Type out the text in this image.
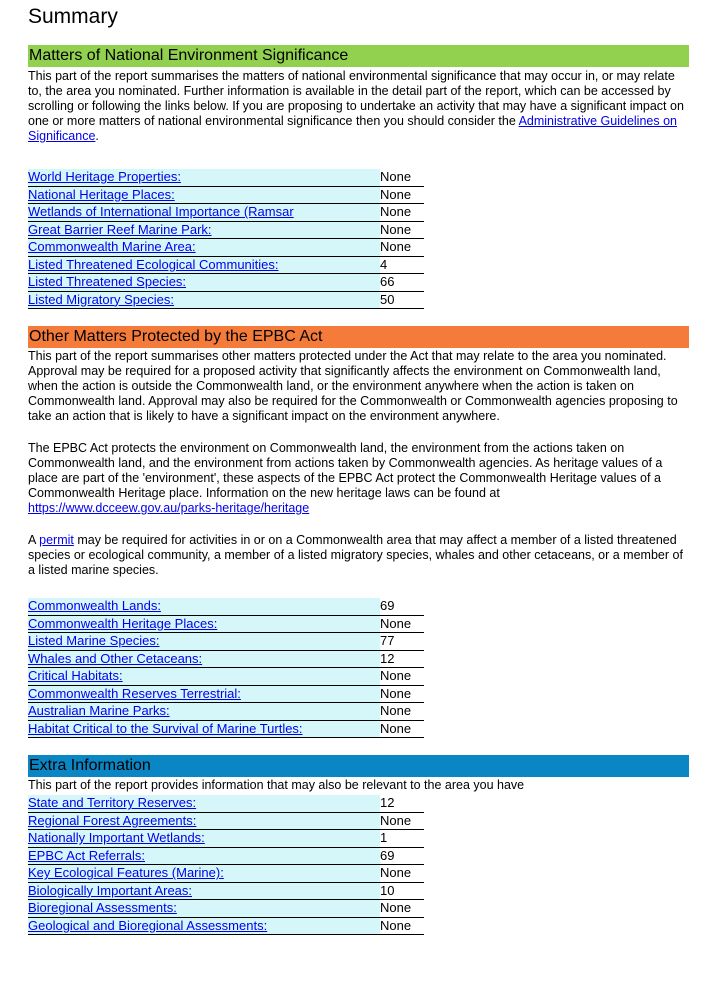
Summary
Matters of National Environment Significance
This part of the report summarises the matters of national environmental significance that may occur in, or may relate to, the area you nominated. Further information is available in the detail part of the report, which can be accessed by scrolling or following the links below. If you are proposing to undertake an activity that may have a significant impact on one or more matters of national environmental significance then you should consider the Administrative Guidelines on Significance.
World Heritage Properties:	None
National Heritage Places:	None
Wetlands of International Importance (Ramsar	None
Great Barrier Reef Marine Park:	None
Commonwealth Marine Area:	None
Listed Threatened Ecological Communities:	4
Listed Threatened Species:	66
Listed Migratory Species:	50
Other Matters Protected by the EPBC Act
This part of the report summarises other matters protected under the Act that may relate to the area you nominated. Approval may be required for a proposed activity that significantly affects the environment on Commonwealth land, when the action is outside the Commonwealth land, or the environment anywhere when the action is taken on Commonwealth land. Approval may also be required for the Commonwealth or Commonwealth agencies proposing to take an action that is likely to have a significant impact on the environment anywhere.
The EPBC Act protects the environment on Commonwealth land, the environment from the actions taken on Commonwealth land, and the environment from actions taken by Commonwealth agencies. As heritage values of a place are part of the 'environment', these aspects of the EPBC Act protect the Commonwealth Heritage values of a Commonwealth Heritage place. Information on the new heritage laws can be found at
https://www.dcceew.gov.au/parks-heritage/heritage
A permit may be required for activities in or on a Commonwealth area that may affect a member of a listed threatened species or ecological community, a member of a listed migratory species, whales and other cetaceans, or a member of a listed marine species.
Commonwealth Lands:	69
Commonwealth Heritage Places:	None
Listed Marine Species:	77
Whales and Other Cetaceans:	12
Critical Habitats:	None
Commonwealth Reserves Terrestrial:	None
Australian Marine Parks:	None
Habitat Critical to the Survival of Marine Turtles:	None
Extra Information
This part of the report provides information that may also be relevant to the area you have
State and Territory Reserves:	12
Regional Forest Agreements:	None
Nationally Important Wetlands:	1
EPBC Act Referrals:	69
Key Ecological Features (Marine):	None
Biologically Important Areas:	10
Bioregional Assessments:	None
Geological and Bioregional Assessments:	None
